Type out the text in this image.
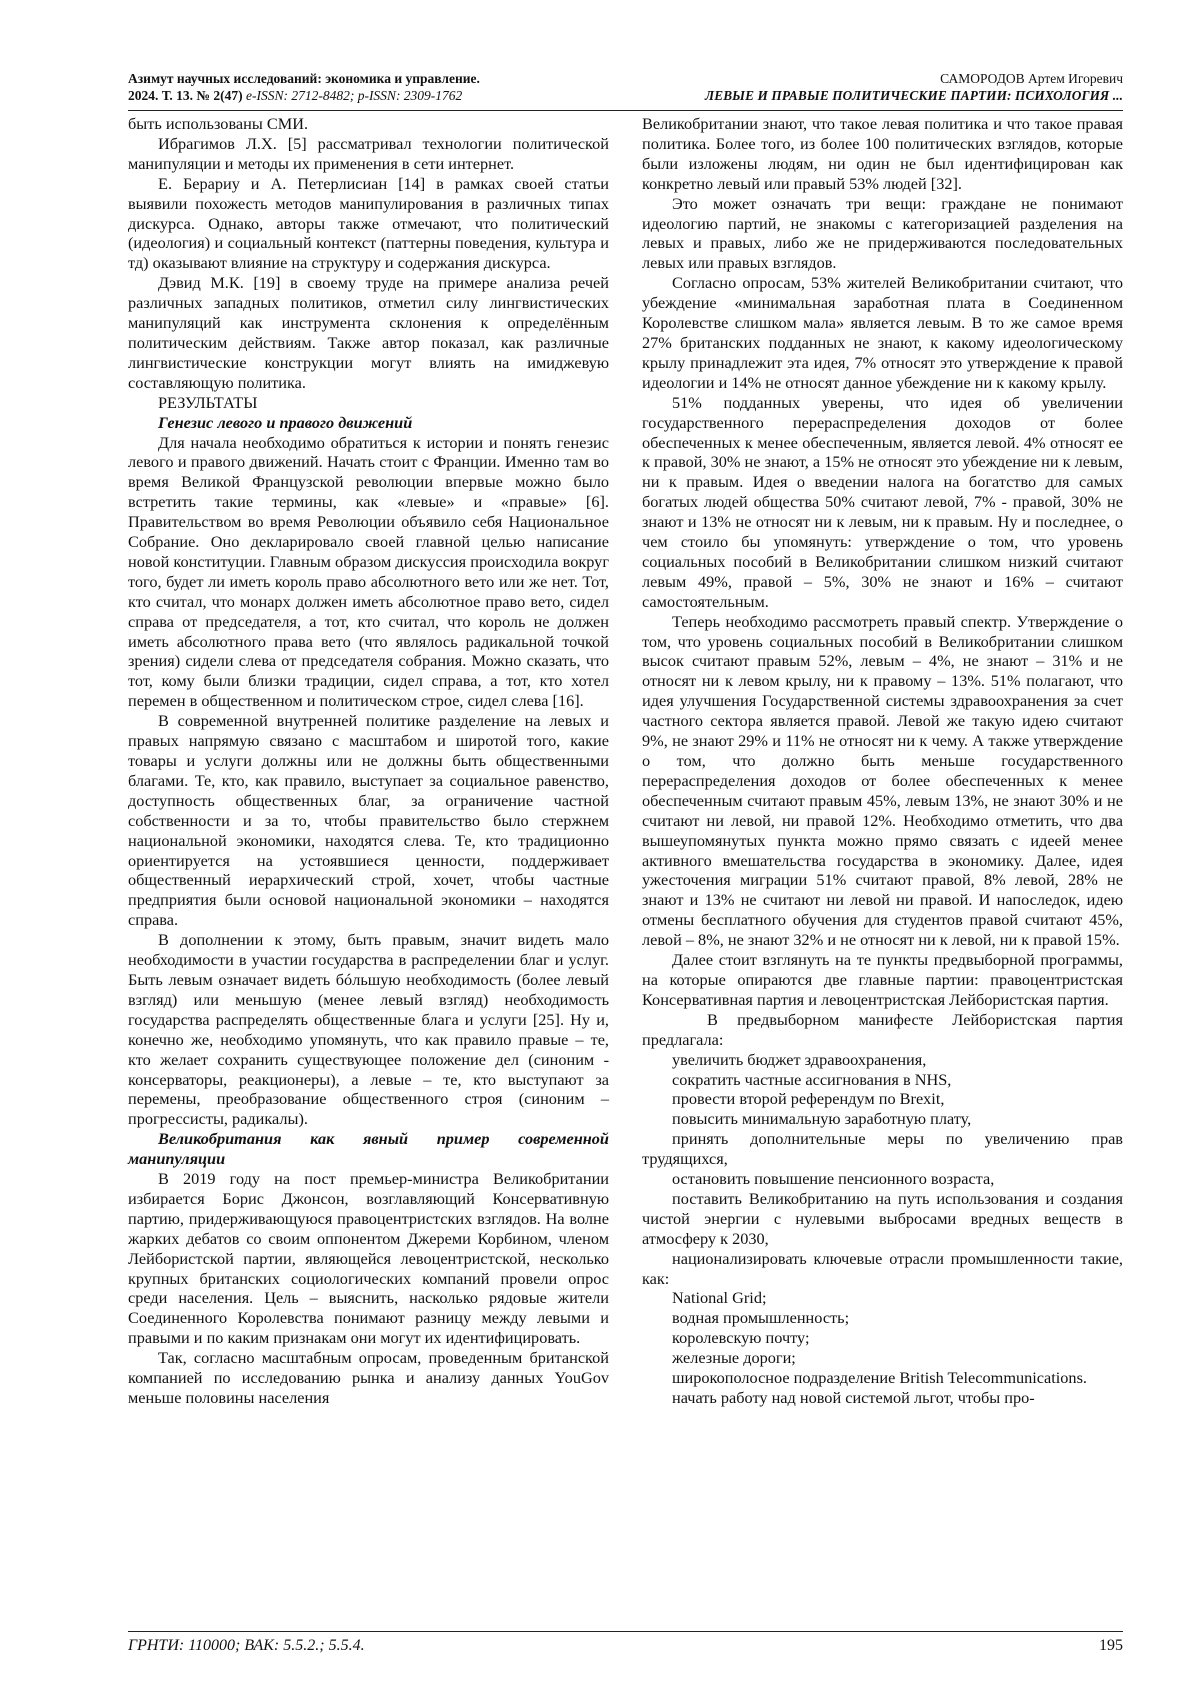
Азимут научных исследований: экономика и управление.
2024. Т. 13. № 2(47) e-ISSN: 2712-8482; p-ISSN: 2309-1762
САМОРОДОВ Артем Игоревич
ЛЕВЫЕ И ПРАВЫЕ ПОЛИТИЧЕСКИЕ ПАРТИИ: ПСИХОЛОГИЯ ...

быть использованы СМИ.

Ибрагимов Л.Х. [5] рассматривал технологии политической манипуляции и методы их применения в сети интернет.

Е. Берариу и А. Петерлисиан [14] в рамках своей статьи выявили похожесть методов манипулирования в различных типах дискурса. Однако, авторы также отмечают, что политический (идеология) и социальный контекст (паттерны поведения, культура и тд) оказывают влияние на структуру и содержания дискурса.

Дэвид М.К. [19] в своему труде на примере анализа речей различных западных политиков, отметил силу лингвистических манипуляций как инструмента склонения к определённым политическим действиям. Также автор показал, как различные лингвистические конструкции могут влиять на имиджевую составляющую политика.

РЕЗУЛЬТАТЫ

Генезис левого и правого движений

Для начала необходимо обратиться к истории и понять генезис левого и правого движений. Начать стоит с Франции. Именно там во время Великой Французской революции впервые можно было встретить такие термины, как «левые» и «правые» [6]. Правительством во время Революции объявило себя Национальное Собрание. Оно декларировало своей главной целью написание новой конституции. Главным образом дискуссия происходила вокруг того, будет ли иметь король право абсолютного вето или же нет. Тот, кто считал, что монарх должен иметь абсолютное право вето, сидел справа от председателя, а тот, кто считал, что король не должен иметь абсолютного права вето (что являлось радикальной точкой зрения) сидели слева от председателя собрания. Можно сказать, что тот, кому были близки традиции, сидел справа, а тот, кто хотел перемен в общественном и политическом строе, сидел слева [16].

В современной внутренней политике разделение на левых и правых напрямую связано с масштабом и широтой того, какие товары и услуги должны или не должны быть общественными благами. Те, кто, как правило, выступает за социальное равенство, доступность общественных благ, за ограничение частной собственности и за то, чтобы правительство было стержнем национальной экономики, находятся слева. Те, кто традиционно ориентируется на устоявшиеся ценности, поддерживает общественный иерархический строй, хочет, чтобы частные предприятия были основой национальной экономики – находятся справа.

В дополнении к этому, быть правым, значит видеть мало необходимости в участии государства в распределении благ и услуг. Быть левым означает видеть бóльшую необходимость (более левый взгляд) или меньшую (менее левый взгляд) необходимость государства распределять общественные блага и услуги [25]. Ну и, конечно же, необходимо упомянуть, что как правило правые – те, кто желает сохранить существующее положение дел (синоним - консерваторы, реакционеры), а левые – те, кто выступают за перемены, преобразование общественного строя (синоним – прогрессисты, радикалы).

Великобритания как явный пример современной манипуляции

В 2019 году на пост премьер-министра Великобритании избирается Борис Джонсон, возглавляющий Консервативную партию, придерживающуюся правоцентристских взглядов. На волне жарких дебатов со своим оппонентом Джереми Корбином, членом Лейбористской партии, являющейся левоцентристской, несколько крупных британских социологических компаний провели опрос среди населения. Цель – выяснить, насколько рядовые жители Соединенного Королевства понимают разницу между левыми и правыми и по каким признакам они могут их идентифицировать.

Так, согласно масштабным опросам, проведенным британской компанией по исследованию рынка и анализу данных YouGov меньше половины населения

Великобритании знают, что такое левая политика и что такое правая политика. Более того, из более 100 политических взглядов, которые были изложены людям, ни один не был идентифицирован как конкретно левый или правый 53% людей [32].

Это может означать три вещи: граждане не понимают идеологию партий, не знакомы с категоризацией разделения на левых и правых, либо же не придерживаются последовательных левых или правых взглядов.

Согласно опросам, 53% жителей Великобритании считают, что убеждение «минимальная заработная плата в Соединенном Королевстве слишком мала» является левым. В то же самое время 27% британских подданных не знают, к какому идеологическому крылу принадлежит эта идея, 7% относят это утверждение к правой идеологии и 14% не относят данное убеждение ни к какому крылу.

51% подданных уверены, что идея об увеличении государственного перераспределения доходов от более обеспеченных к менее обеспеченным, является левой. 4% относят ее к правой, 30% не знают, а 15% не относят это убеждение ни к левым, ни к правым. Идея о введении налога на богатство для самых богатых людей общества 50% считают левой, 7% - правой, 30% не знают и 13% не относят ни к левым, ни к правым. Ну и последнее, о чем стоило бы упомянуть: утверждение о том, что уровень социальных пособий в Великобритании слишком низкий считают левым 49%, правой – 5%, 30% не знают и 16% – считают самостоятельным.

Теперь необходимо рассмотреть правый спектр. Утверждение о том, что уровень социальных пособий в Великобритании слишком высок считают правым 52%, левым – 4%, не знают – 31% и не относят ни к левом крылу, ни к правому – 13%. 51% полагают, что идея улучшения Государственной системы здравоохранения за счет частного сектора является правой. Левой же такую идею считают 9%, не знают 29% и 11% не относят ни к чему. А также утверждение о том, что должно быть меньше государственного перераспределения доходов от более обеспеченных к менее обеспеченным считают правым 45%, левым 13%, не знают 30% и не считают ни левой, ни правой 12%. Необходимо отметить, что два вышеупомянутых пункта можно прямо связать с идеей менее активного вмешательства государства в экономику. Далее, идея ужесточения миграции 51% считают правой, 8% левой, 28% не знают и 13% не считают ни левой ни правой. И напоследок, идею отмены бесплатного обучения для студентов правой считают 45%, левой – 8%, не знают 32% и не относят ни к левой, ни к правой 15%.

Далее стоит взглянуть на те пункты предвыборной программы, на которые опираются две главные партии: правоцентристская Консервативная партия и левоцентристская Лейбористская партия.

В предвыборном манифесте Лейбористская партия предлагала:

увеличить бюджет здравоохранения,

сократить частные ассигнования в NHS,

провести второй референдум по Brexit,

повысить минимальную заработную плату,

принять дополнительные меры по увеличению прав трудящихся,

остановить повышение пенсионного возраста,

поставить Великобританию на путь использования и создания чистой энергии с нулевыми выбросами вредных веществ в атмосферу к 2030,

национализировать ключевые отрасли промышленности такие, как:

National Grid;

водная промышленность;

королевскую почту;

железные дороги;

широкополосное подразделение British Telecommunications.

начать работу над новой системой льгот, чтобы про-

ГРНТИ: 110000; ВАК: 5.5.2.; 5.5.4.	195
